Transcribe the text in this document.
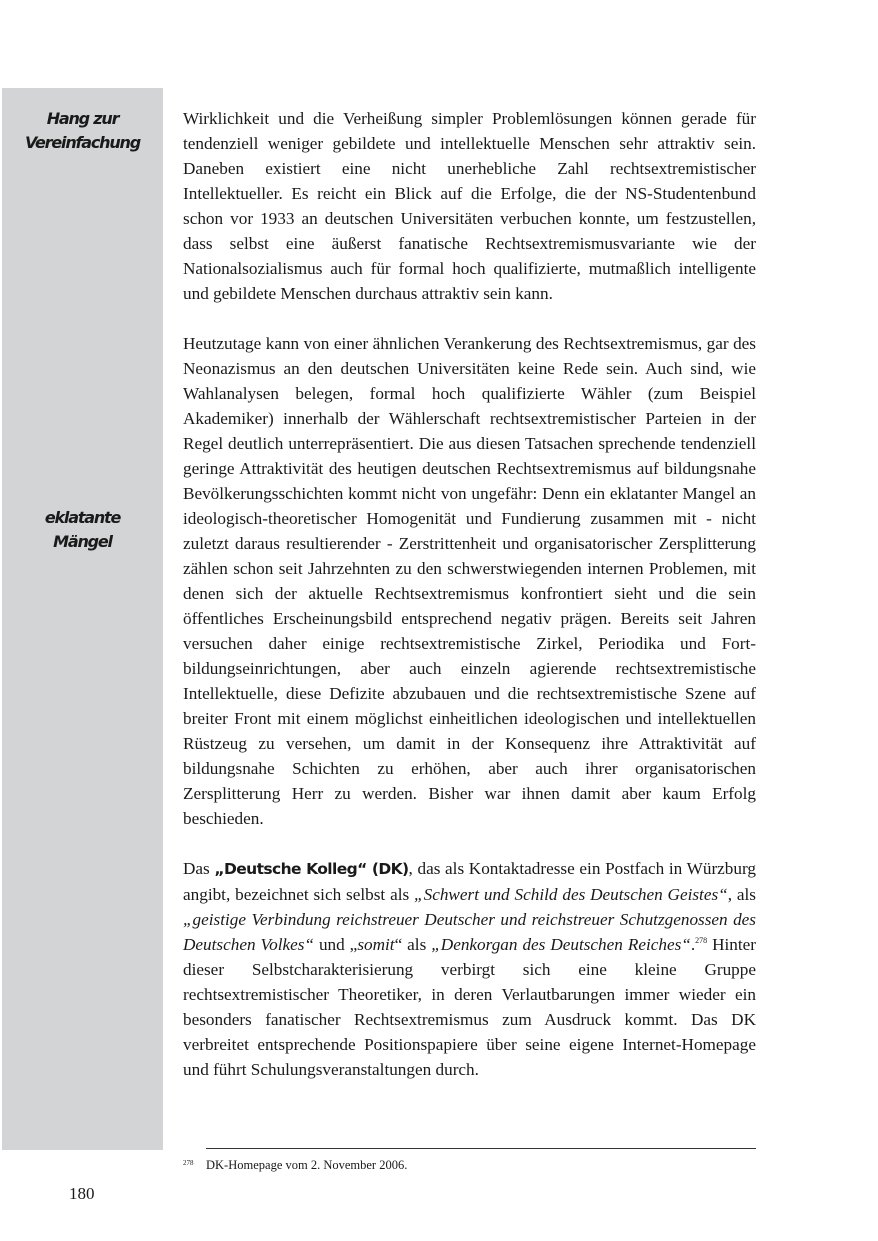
Hang zur
Vereinfachung
eklatante
Mängel

Wirklichkeit und die Verheißung simpler Problemlösungen können gerade für tendenziell weniger gebildete und intellektuelle Menschen sehr attraktiv sein. Daneben existiert eine nicht unerhebliche Zahl rechtsextremistischer Intellektueller. Es reicht ein Blick auf die Erfolge, die der NS-Studentenbund schon vor 1933 an deutschen Universitäten verbuchen konnte, um festzustellen, dass selbst eine äußerst fanatische Rechtsextremismusvariante wie der Nationalsozialismus auch für formal hoch qualifizierte, mutmaßlich intelligente und gebildete Menschen durchaus attraktiv sein kann.

Heutzutage kann von einer ähnlichen Verankerung des Rechtsextremismus, gar des Neonazismus an den deutschen Universitäten keine Rede sein. Auch sind, wie Wahlanalysen belegen, formal hoch qualifizierte Wähler (zum Beispiel Akademiker) innerhalb der Wählerschaft rechtsextremistischer Parteien in der Regel deutlich unterrepräsentiert. Die aus diesen Tatsachen sprechende tendenziell geringe Attraktivität des heutigen deutschen Rechtsextremismus auf bildungsnahe Bevölkerungsschichten kommt nicht von ungefähr: Denn ein eklatanter Mangel an ideologisch-theoretischer Homogenität und Fundierung zusammen mit - nicht zuletzt daraus resultierender - Zerstrittenheit und organisatorischer Zersplitterung zählen schon seit Jahrzehnten zu den schwerstwiegenden internen Problemen, mit denen sich der aktuelle Rechtsextremismus konfrontiert sieht und die sein öffentliches Erscheinungsbild entsprechend negativ prägen. Bereits seit Jahren versuchen daher einige rechtsextremistische Zirkel, Periodika und Fortbildungseinrichtungen, aber auch einzeln agierende rechtsextremistische Intellektuelle, diese Defizite abzubauen und die rechtsextremistische Szene auf breiter Front mit einem möglichst einheitlichen ideologischen und intellektuellen Rüstzeug zu versehen, um damit in der Konsequenz ihre Attraktivität auf bildungsnahe Schichten zu erhöhen, aber auch ihrer organisatorischen Zersplitterung Herr zu werden. Bisher war ihnen damit aber kaum Erfolg beschieden.

Das „Deutsche Kolleg“ (DK), das als Kontaktadresse ein Postfach in Würzburg angibt, bezeichnet sich selbst als „Schwert und Schild des Deutschen Geistes“, als „geistige Verbindung reichstreuer Deutscher und reichstreuer Schutzgenossen des Deutschen Volkes“ und „somit“ als „Denkorgan des Deutschen Reiches“.$^{278}$ Hinter dieser Selbstcharakterisierung verbirgt sich eine kleine Gruppe rechtsextremistischer Theoretiker, in deren Verlautbarungen immer wieder ein besonders fanatischer Rechtsextremismus zum Ausdruck kommt. Das DK verbreitet entsprechende Positionspapiere über seine eigene Internet-Homepage und führt Schulungsveranstaltungen durch.

278 DK-Homepage vom 2. November 2006.
180
